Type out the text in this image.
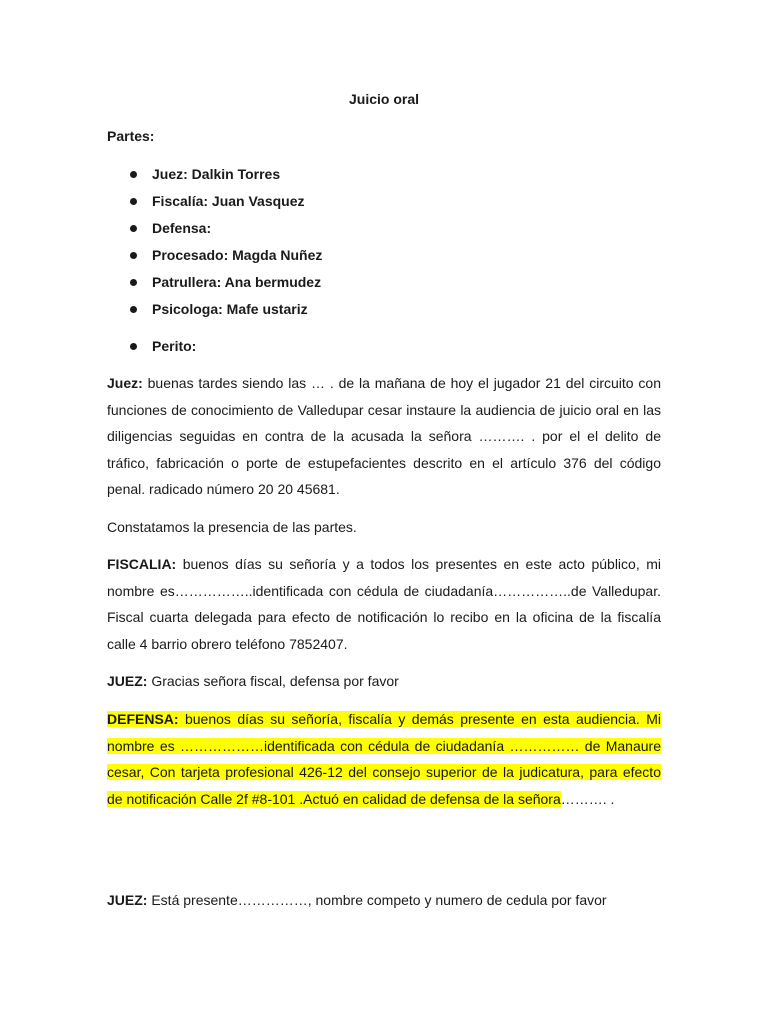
Juicio oral
Partes:
Juez: Dalkin Torres
Fiscalía: Juan Vasquez
Defensa:
Procesado: Magda Nuñez
Patrullera: Ana bermudez
Psicologa: Mafe ustariz
Perito:

Juez: buenas tardes siendo las … . de la mañana de hoy el jugador 21 del circuito con funciones de conocimiento de Valledupar cesar instaure la audiencia de juicio oral en las diligencias seguidas en contra de la acusada la señora ………. . por el el delito de tráfico, fabricación o porte de estupefacientes descrito en el artículo 376 del código penal. radicado número 20 20 45681.

Constatamos la presencia de las partes.

FISCALIA: buenos días su señoría y a todos los presentes en este acto público, mi nombre es……………..identificada con cédula de ciudadanía……………..de Valledupar. Fiscal cuarta delegada para efecto de notificación lo recibo en la oficina de la fiscalía calle 4 barrio obrero teléfono 7852407.

JUEZ: Gracias señora fiscal, defensa por favor

DEFENSA: buenos días su señoría, fiscalía y demás presente en esta audiencia. Mi nombre es ………………identificada con cédula de ciudadanía …………… de Manaure cesar, Con tarjeta profesional 426-12 del consejo superior de la judicatura, para efecto de notificación Calle 2f #8-101 .Actuó en calidad de defensa de la señora………. .

JUEZ: Está presente……………, nombre competo y numero de cedula por favor
